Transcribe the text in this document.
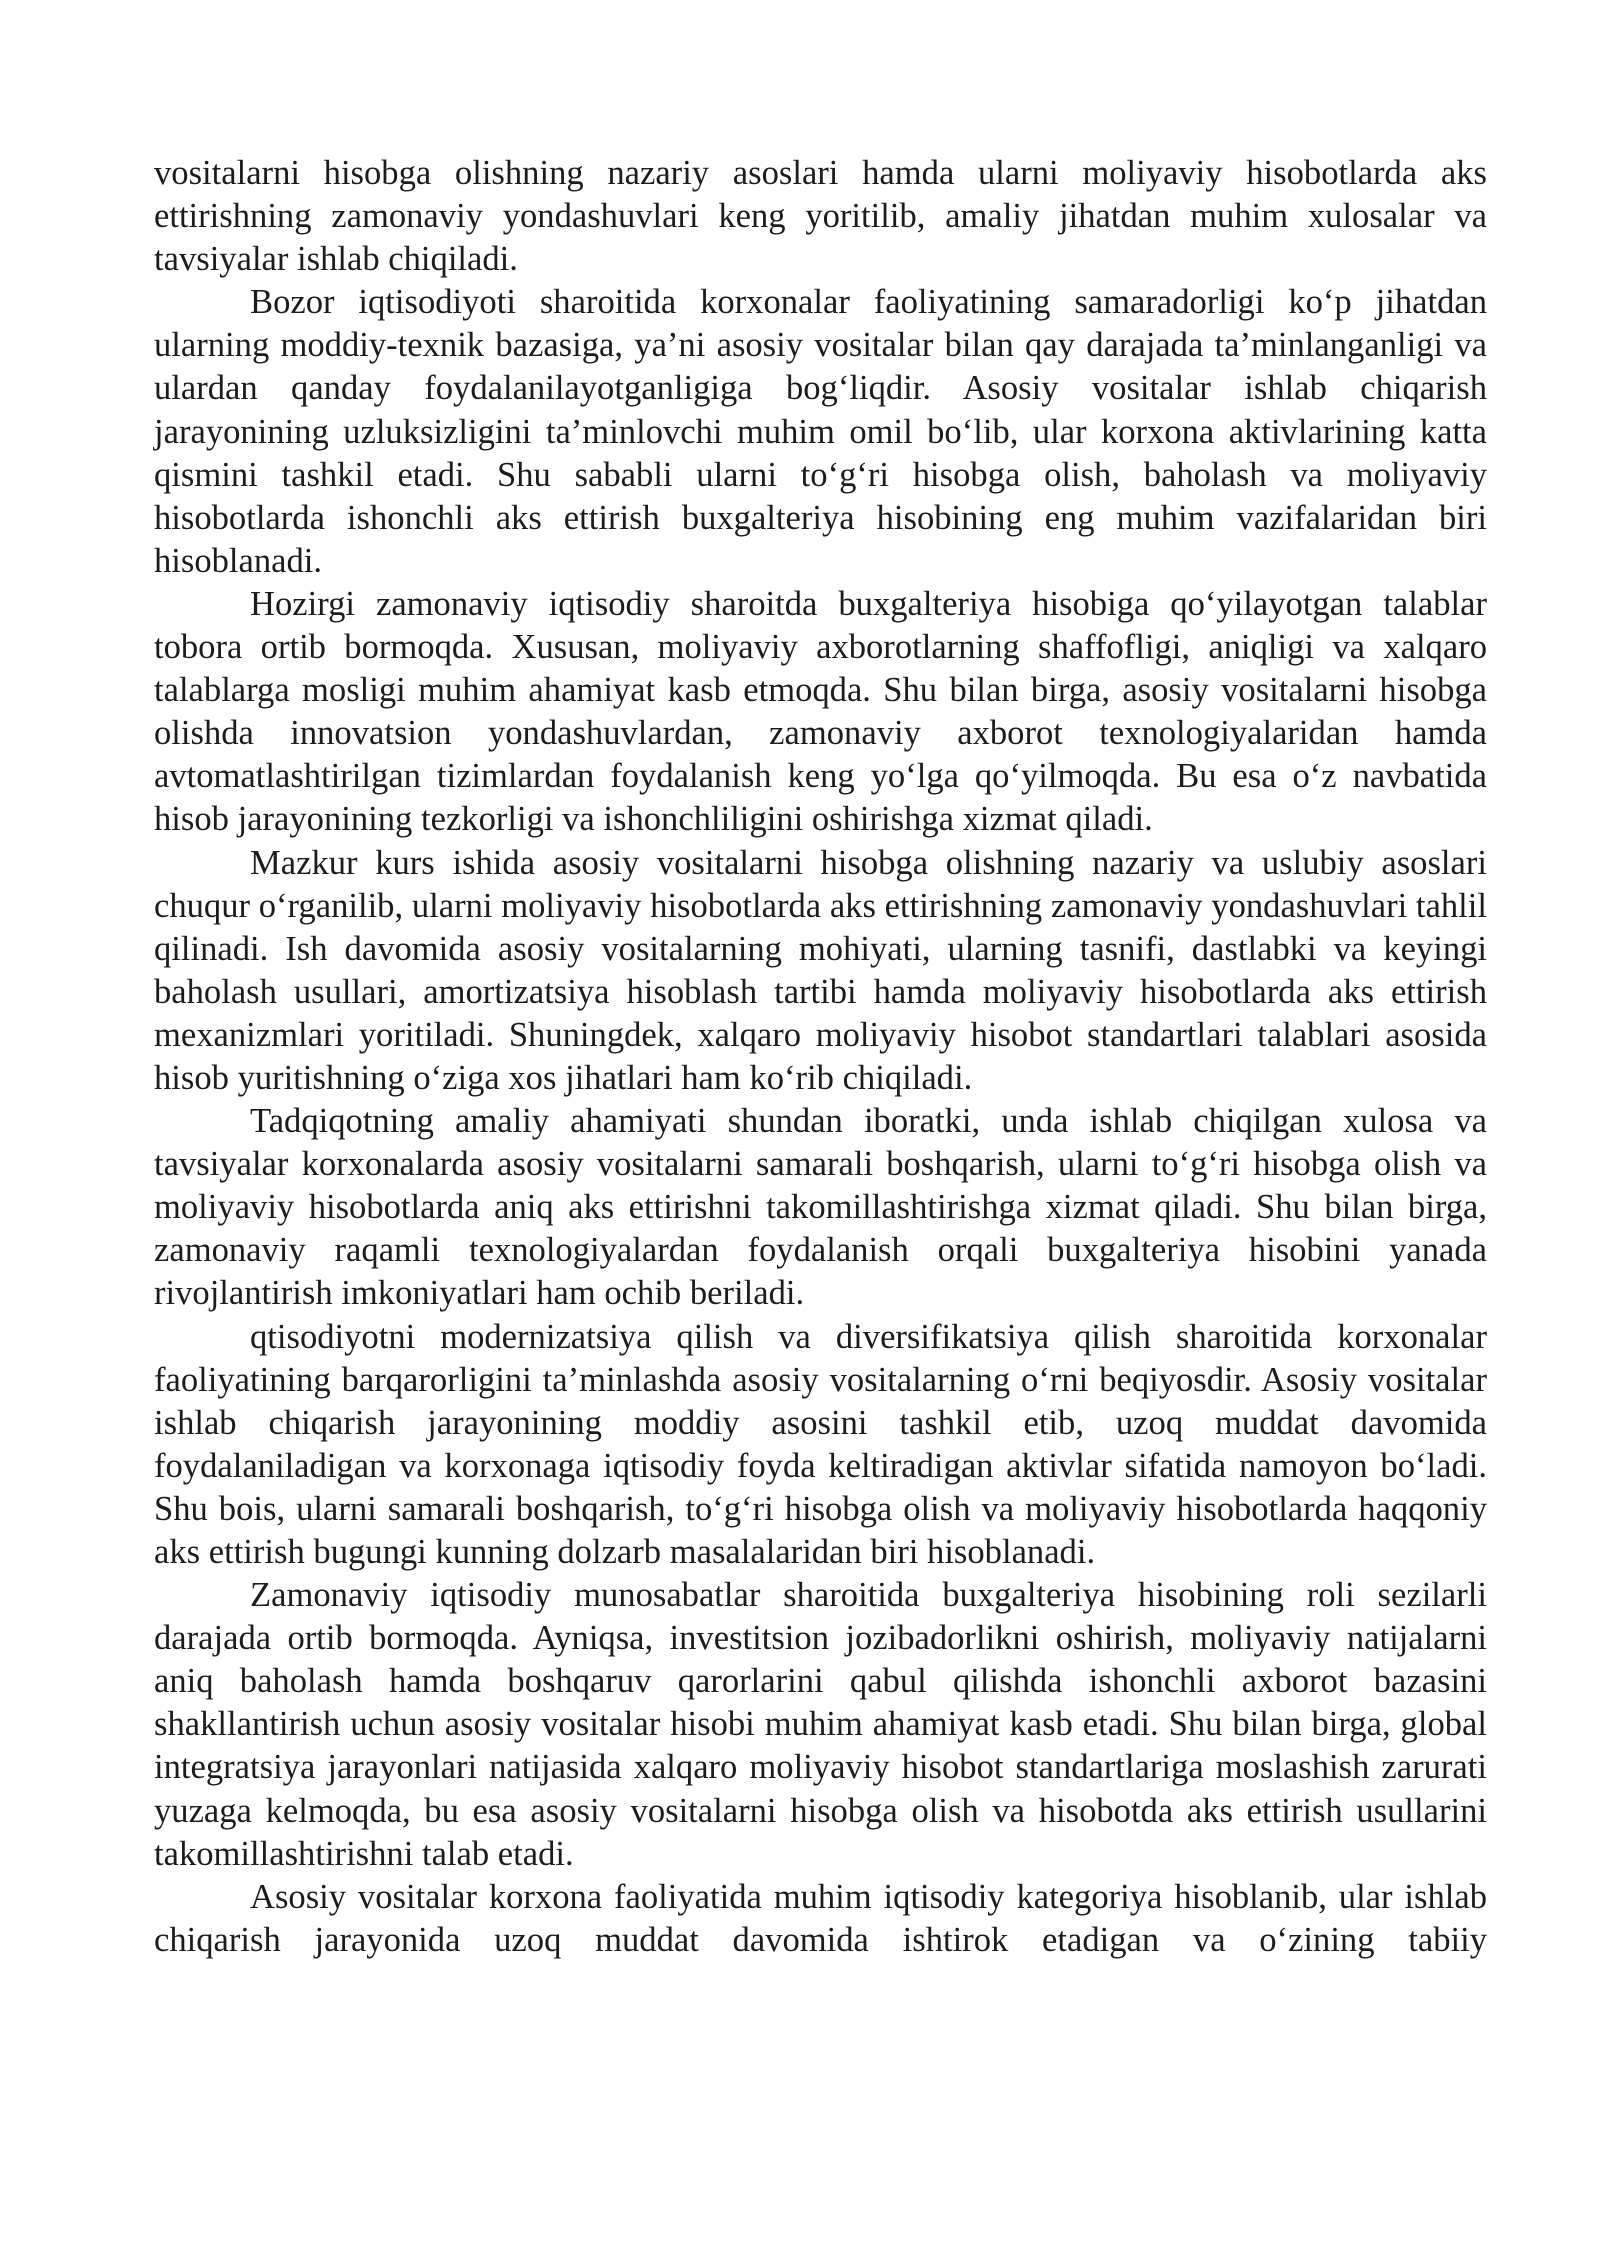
vositalarni hisobga olishning nazariy asoslari hamda ularni moliyaviy hisobotlarda aks ettirishning zamonaviy yondashuvlari keng yoritilib, amaliy jihatdan muhim xulosalar va tavsiyalar ishlab chiqiladi.

Bozor iqtisodiyoti sharoitida korxonalar faoliyatining samaradorligi ko‘p jihatdan ularning moddiy-texnik bazasiga, ya’ni asosiy vositalar bilan qay darajada ta’minlanganligi va ulardan qanday foydalanilayotganligiga bog‘liqdir. Asosiy vositalar ishlab chiqarish jarayonining uzluksizligini ta’minlovchi muhim omil bo‘lib, ular korxona aktivlarining katta qismini tashkil etadi. Shu sababli ularni to‘g‘ri hisobga olish, baholash va moliyaviy hisobotlarda ishonchli aks ettirish buxgalteriya hisobining eng muhim vazifalaridan biri hisoblanadi.

Hozirgi zamonaviy iqtisodiy sharoitda buxgalteriya hisobiga qo‘yilayotgan talablar tobora ortib bormoqda. Xususan, moliyaviy axborotlarning shaffofligi, aniqligi va xalqaro talablarga mosligi muhim ahamiyat kasb etmoqda. Shu bilan birga, asosiy vositalarni hisobga olishda innovatsion yondashuvlardan, zamonaviy axborot texnologiyalaridan hamda avtomatlashtirilgan tizimlardan foydalanish keng yo‘lga qo‘yilmoqda. Bu esa o‘z navbatida hisob jarayonining tezkorligi va ishonchliligini oshirishga xizmat qiladi.

Mazkur kurs ishida asosiy vositalarni hisobga olishning nazariy va uslubiy asoslari chuqur o‘rganilib, ularni moliyaviy hisobotlarda aks ettirishning zamonaviy yondashuvlari tahlil qilinadi. Ish davomida asosiy vositalarning mohiyati, ularning tasnifi, dastlabki va keyingi baholash usullari, amortizatsiya hisoblash tartibi hamda moliyaviy hisobotlarda aks ettirish mexanizmlari yoritiladi. Shuningdek, xalqaro moliyaviy hisobot standartlari talablari asosida hisob yuritishning o‘ziga xos jihatlari ham ko‘rib chiqiladi.

Tadqiqotning amaliy ahamiyati shundan iboratki, unda ishlab chiqilgan xulosa va tavsiyalar korxonalarda asosiy vositalarni samarali boshqarish, ularni to‘g‘ri hisobga olish va moliyaviy hisobotlarda aniq aks ettirishni takomillashtirishga xizmat qiladi. Shu bilan birga, zamonaviy raqamli texnologiyalardan foydalanish orqali buxgalteriya hisobini yanada rivojlantirish imkoniyatlari ham ochib beriladi.

qtisodiyotni modernizatsiya qilish va diversifikatsiya qilish sharoitida korxonalar faoliyatining barqarorligini ta’minlashda asosiy vositalarning o‘rni beqiyosdir. Asosiy vositalar ishlab chiqarish jarayonining moddiy asosini tashkil etib, uzoq muddat davomida foydalaniladigan va korxonaga iqtisodiy foyda keltiradigan aktivlar sifatida namoyon bo‘ladi. Shu bois, ularni samarali boshqarish, to‘g‘ri hisobga olish va moliyaviy hisobotlarda haqqoniy aks ettirish bugungi kunning dolzarb masalalaridan biri hisoblanadi.

Zamonaviy iqtisodiy munosabatlar sharoitida buxgalteriya hisobining roli sezilarli darajada ortib bormoqda. Ayniqsa, investitsion jozibadorlikni oshirish, moliyaviy natijalarni aniq baholash hamda boshqaruv qarorlarini qabul qilishda ishonchli axborot bazasini shakllantirish uchun asosiy vositalar hisobi muhim ahamiyat kasb etadi. Shu bilan birga, global integratsiya jarayonlari natijasida xalqaro moliyaviy hisobot standartlariga moslashish zarurati yuzaga kelmoqda, bu esa asosiy vositalarni hisobga olish va hisobotda aks ettirish usullarini takomillashtirishni talab etadi.

Asosiy vositalar korxona faoliyatida muhim iqtisodiy kategoriya hisoblanib, ular ishlab chiqarish jarayonida uzoq muddat davomida ishtirok etadigan va o‘zining tabiiy
